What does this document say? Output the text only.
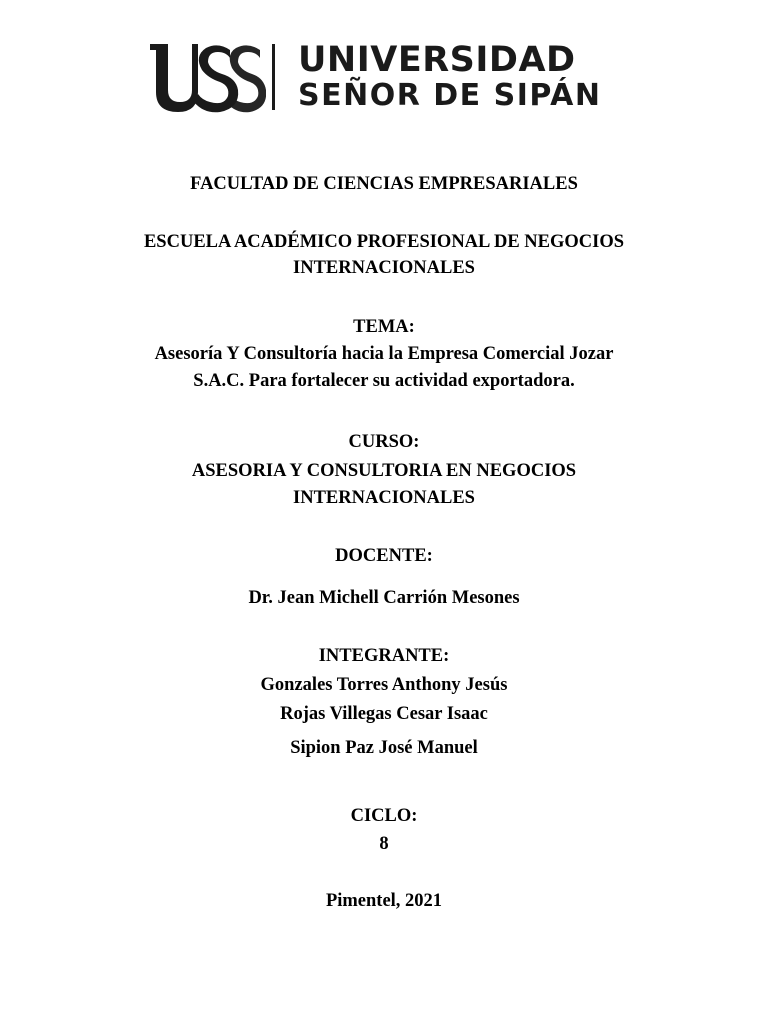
UNIVERSIDAD
SEÑOR DE SIPÁN
FACULTAD DE CIENCIAS EMPRESARIALES
ESCUELA ACADÉMICO PROFESIONAL DE NEGOCIOS
INTERNACIONALES
TEMA:
Asesoría Y Consultoría hacia la Empresa Comercial Jozar
S.A.C. Para fortalecer su actividad exportadora.
CURSO:
ASESORIA Y CONSULTORIA EN NEGOCIOS
INTERNACIONALES
DOCENTE:
Dr. Jean Michell Carrión Mesones
INTEGRANTE:
Gonzales Torres Anthony Jesús
Rojas Villegas Cesar Isaac
Sipion Paz José Manuel
CICLO:
8
Pimentel, 2021
